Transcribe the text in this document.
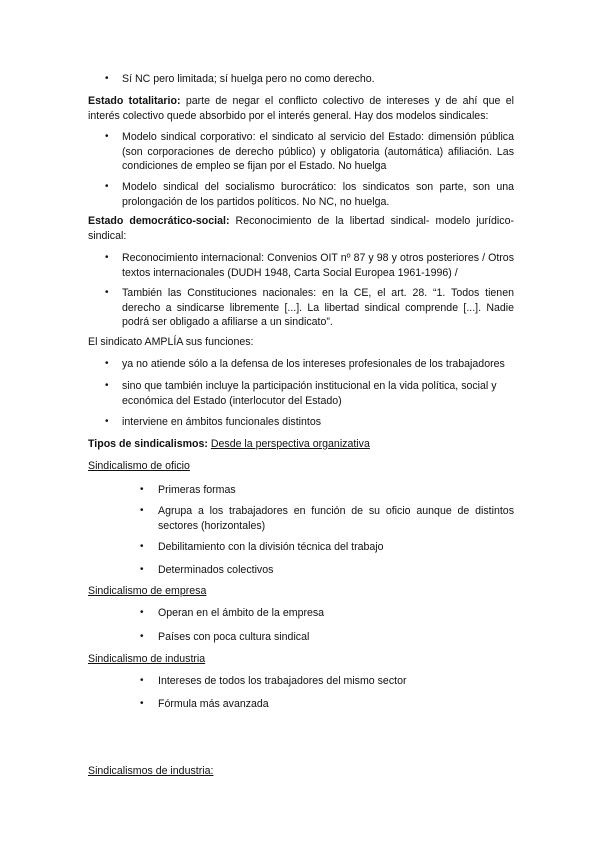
• Sí NC pero limitada; sí huelga pero no como derecho.
Estado totalitario: parte de negar el conflicto colectivo de intereses y de ahí que el interés colectivo quede absorbido por el interés general. Hay dos modelos sindicales:
• Modelo sindical corporativo: el sindicato al servicio del Estado: dimensión pública (son corporaciones de derecho público) y obligatoria (automática) afiliación. Las condiciones de empleo se fijan por el Estado. No huelga
• Modelo sindical del socialismo burocrático: los sindicatos son parte, son una prolongación de los partidos políticos. No NC, no huelga.
Estado democrático-social: Reconocimiento de la libertad sindical- modelo jurídico-sindical:
• Reconocimiento internacional: Convenios OIT nº 87 y 98 y otros posteriores / Otros textos internacionales (DUDH 1948, Carta Social Europea 1961-1996) /
• También las Constituciones nacionales: en la CE, el art. 28. “1. Todos tienen derecho a sindicarse libremente [...]. La libertad sindical comprende [...]. Nadie podrá ser obligado a afiliarse a un sindicato”.
El sindicato AMPLÍA sus funciones:
• ya no atiende sólo a la defensa de los intereses profesionales de los trabajadores
• sino que también incluye la participación institucional en la vida política, social y económica del Estado (interlocutor del Estado)
• interviene en ámbitos funcionales distintos
Tipos de sindicalismos: Desde la perspectiva organizativa
Sindicalismo de oficio
• Primeras formas
• Agrupa a los trabajadores en función de su oficio aunque de distintos sectores (horizontales)
• Debilitamiento con la división técnica del trabajo
• Determinados colectivos
Sindicalismo de empresa
• Operan en el ámbito de la empresa
• Países con poca cultura sindical
Sindicalismo de industria
• Intereses de todos los trabajadores del mismo sector
• Fórmula más avanzada
Sindicalismos de industria:
